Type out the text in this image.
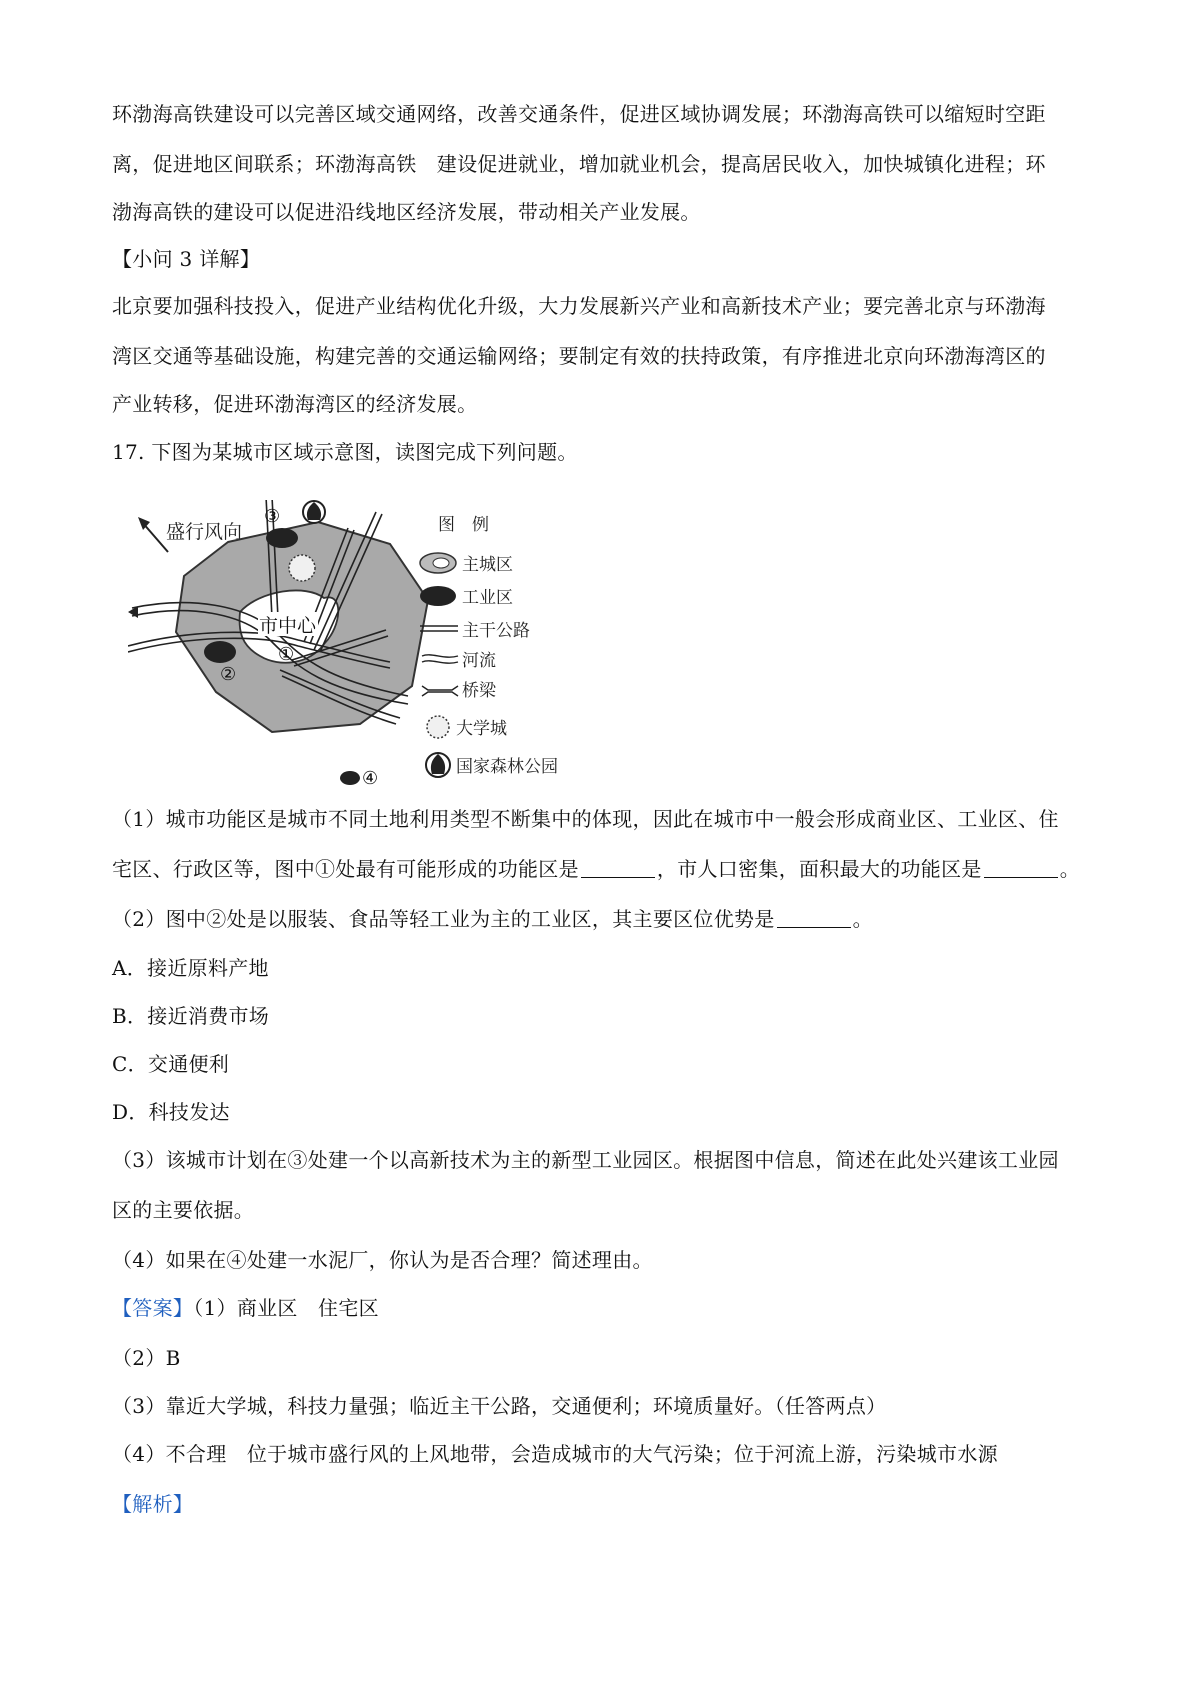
环渤海高铁建设可以完善区域交通网络，改善交通条件，促进区域协调发展；环渤海高铁可以缩短时空距
离，促进地区间联系；环渤海高铁　建设促进就业，增加就业机会，提高居民收入，加快城镇化进程；环
渤海高铁的建设可以促进沿线地区经济发展，带动相关产业发展。
【小问 3 详解】
北京要加强科技投入，促进产业结构优化升级，大力发展新兴产业和高新技术产业；要完善北京与环渤海
湾区交通等基础设施，构建完善的交通运输网络；要制定有效的扶持政策，有序推进北京向环渤海湾区的
产业转移，促进环渤海湾区的经济发展。
17. 下图为某城市区域示意图，读图完成下列问题。
盛行风向
市中心
①
②
③
④
图　例
主城区
工业区
主干公路
河流
桥梁
大学城
国家森林公园
（1）城市功能区是城市不同土地利用类型不断集中的体现，因此在城市中一般会形成商业区、工业区、住
宅区、行政区等，图中①处最有可能形成的功能区是	，市人口密集，面积最大的功能区是	。
（2）图中②处是以服装、食品等轻工业为主的工业区，其主要区位优势是	。
A．接近原料产地
B．接近消费市场
C．交通便利
D．科技发达
（3）该城市计划在③处建一个以高新技术为主的新型工业园区。根据图中信息，简述在此处兴建该工业园
区的主要依据。
（4）如果在④处建一水泥厂，你认为是否合理？简述理由。
【答案】（1）商业区　住宅区
（2）B
（3）靠近大学城，科技力量强；临近主干公路，交通便利；环境质量好。（任答两点）
（4）不合理　位于城市盛行风的上风地带，会造成城市的大气污染；位于河流上游，污染城市水源
【解析】
